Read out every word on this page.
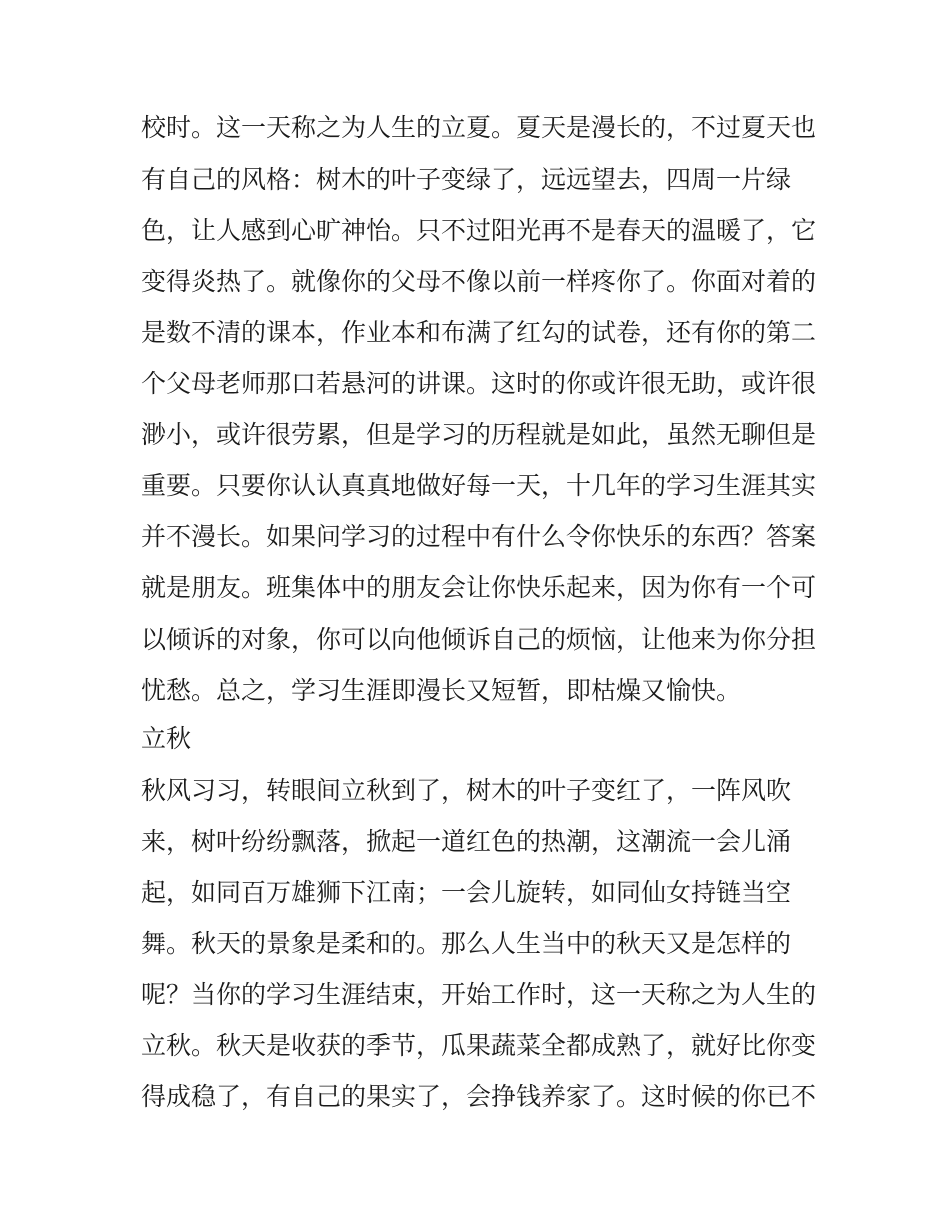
校时。这一天称之为人生的立夏。夏天是漫长的，不过夏天也
有自己的风格：树木的叶子变绿了，远远望去，四周一片绿
色，让人感到心旷神怡。只不过阳光再不是春天的温暖了，它
变得炎热了。就像你的父母不像以前一样疼你了。你面对着的
是数不清的课本，作业本和布满了红勾的试卷，还有你的第二
个父母老师那口若悬河的讲课。这时的你或许很无助，或许很
渺小，或许很劳累，但是学习的历程就是如此，虽然无聊但是
重要。只要你认认真真地做好每一天，十几年的学习生涯其实
并不漫长。如果问学习的过程中有什么令你快乐的东西？答案
就是朋友。班集体中的朋友会让你快乐起来，因为你有一个可
以倾诉的对象，你可以向他倾诉自己的烦恼，让他来为你分担
忧愁。总之，学习生涯即漫长又短暂，即枯燥又愉快。
立秋
秋风习习，转眼间立秋到了，树木的叶子变红了，一阵风吹
来，树叶纷纷飘落，掀起一道红色的热潮，这潮流一会儿涌
起，如同百万雄狮下江南；一会儿旋转，如同仙女持链当空
舞。秋天的景象是柔和的。那么人生当中的秋天又是怎样的
呢？当你的学习生涯结束，开始工作时，这一天称之为人生的
立秋。秋天是收获的季节，瓜果蔬菜全都成熟了，就好比你变
得成稳了，有自己的果实了，会挣钱养家了。这时候的你已不
